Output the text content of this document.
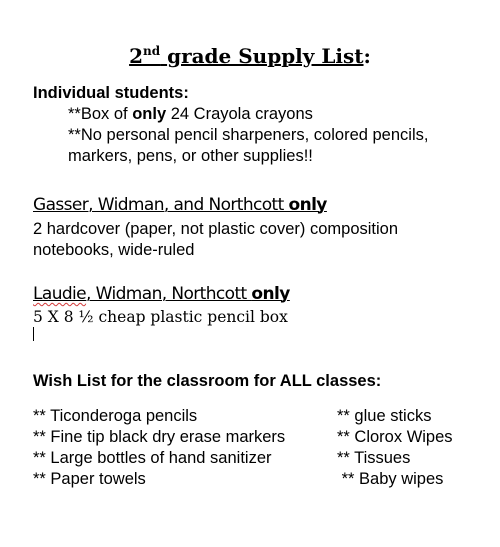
2nd grade Supply List:
Individual students:
**Box of only 24 Crayola crayons
**No personal pencil sharpeners, colored pencils,
markers, pens, or other supplies!!
Gasser, Widman, and Northcott only
2 hardcover (paper, not plastic cover) composition
notebooks, wide-ruled
Laudie, Widman, Northcott only
5 X 8 ½ cheap plastic pencil box
Wish List for the classroom for ALL classes:
** Ticonderoga pencils
** Fine tip black dry erase markers
** Large bottles of hand sanitizer
** Paper towels
** glue sticks
** Clorox Wipes
** Tissues
** Baby wipes
